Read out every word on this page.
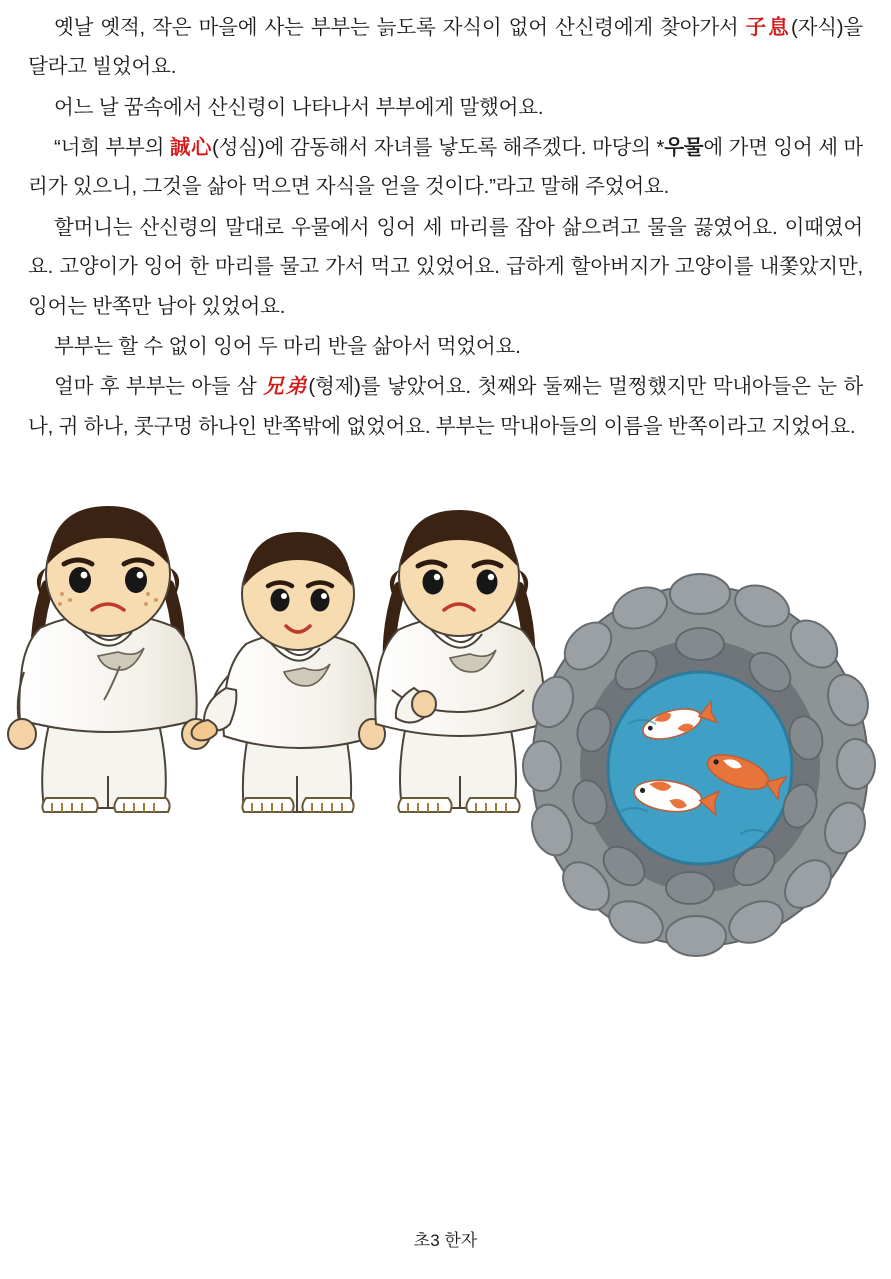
옛날 옛적, 작은 마을에 사는 부부는 늙도록 자식이 없어 산신령에게 찾아가서 子息(자식)을 달라고 빌었어요.

어느 날 꿈속에서 산신령이 나타나서 부부에게 말했어요.

“너희 부부의 誠心(성심)에 감동해서 자녀를 낳도록 해주겠다. 마당의 *우물에 가면 잉어 세 마리가 있으니, 그것을 삶아 먹으면 자식을 얻을 것이다.”라고 말해 주었어요.

할머니는 산신령의 말대로 우물에서 잉어 세 마리를 잡아 삶으려고 물을 끓였어요. 이때였어요. 고양이가 잉어 한 마리를 물고 가서 먹고 있었어요. 급하게 할아버지가 고양이를 내쫓았지만, 잉어는 반쪽만 남아 있었어요.

부부는 할 수 없이 잉어 두 마리 반을 삶아서 먹었어요.

얼마 후 부부는 아들 삼 兄弟(형제)를 낳았어요. 첫째와 둘째는 멀쩡했지만 막내아들은 눈 하나, 귀 하나, 콧구멍 하나인 반쪽밖에 없었어요. 부부는 막내아들의 이름을 반쪽이라고 지었어요.

초3 한자
